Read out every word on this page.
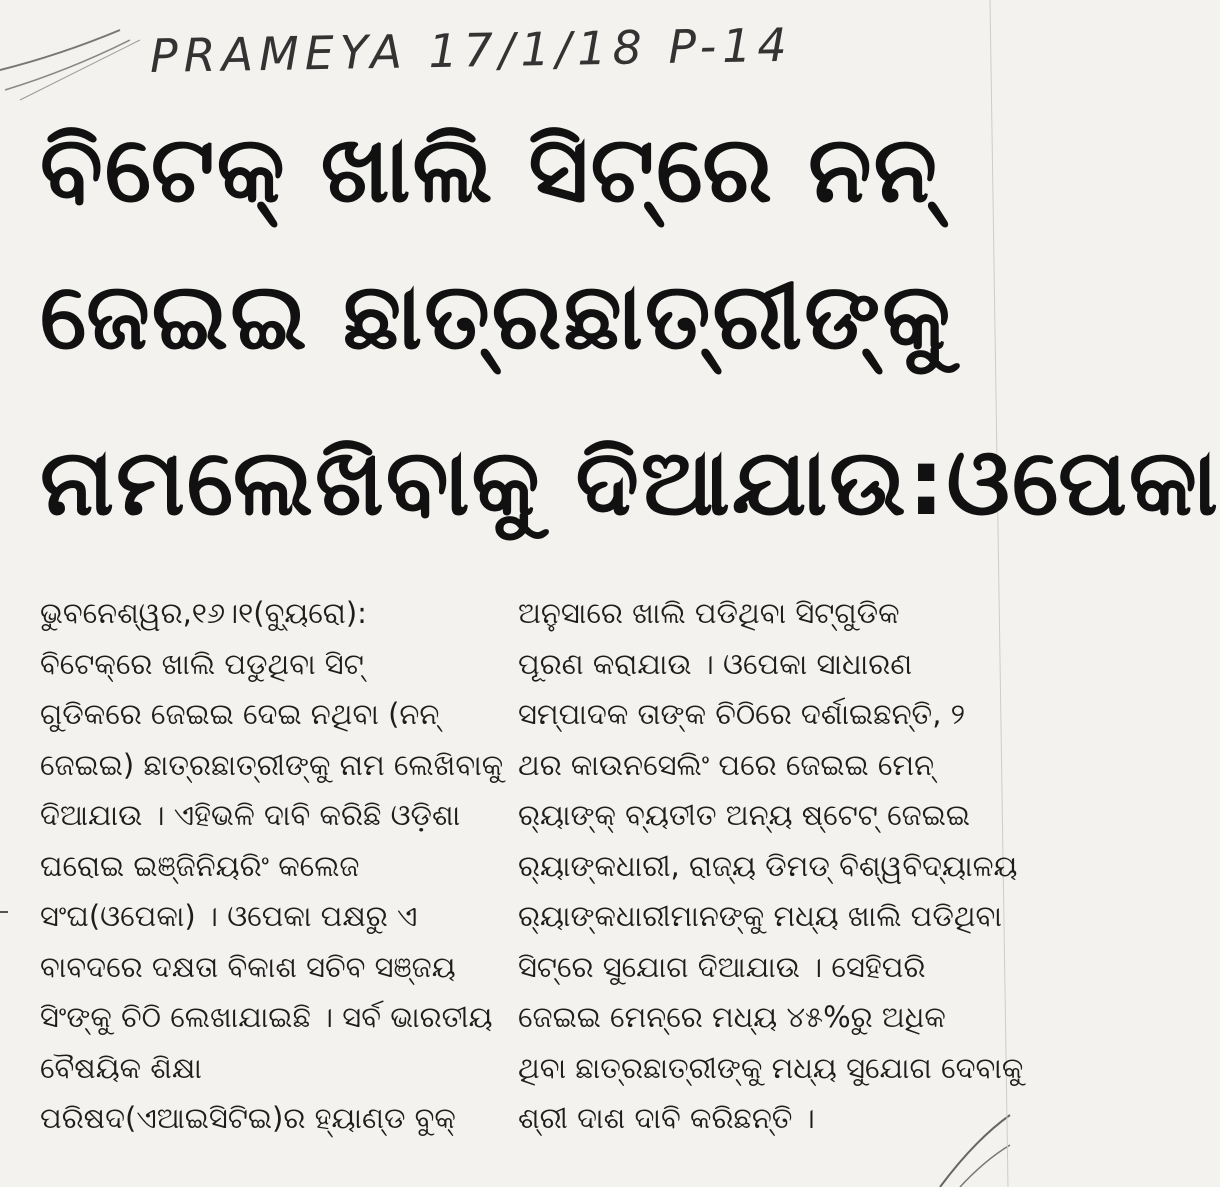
PRAMEYA 17/1/18 P-14
ବିଟେକ୍ ଖାଲି ସିଟ୍‌ରେ ନନ୍
ଜେଇଇ ଛାତ୍ରଛାତ୍ରୀଙ୍କୁ
ନାମଲେଖିବାକୁ ଦିଆଯାଉ:ଓପେକା
ଭୁବନେଶ୍ୱର,୧୬।୧(ବ୍ୟୁରୋ):
ବିଟେକ୍‌ରେ ଖାଲି ପଡୁଥିବା ସିଟ୍
ଗୁଡିକରେ ଜେଇଇ ଦେଇ ନଥିବା (ନନ୍
ଜେଇଇ) ଛାତ୍ରଛାତ୍ରୀଙ୍କୁ ନାମ ଲେଖିବାକୁ
ଦିଆଯାଉ । ଏହିଭଳି ଦାବି କରିଛି ଓଡ଼ିଶା
ଘରୋଇ ଇଞ୍ଜିନିୟରିଂ କଲେଜ
ସଂଘ(ଓପେକା) । ଓପେକା ପକ୍ଷରୁ ଏ
ବାବଦରେ ଦକ୍ଷତା ବିକାଶ ସଚିବ ସଞ୍ଜୟ
ସିଂଙ୍କୁ ଚିଠି ଲେଖାଯାଇଛି । ସର୍ବ ଭାରତୀୟ
ବୈଷୟିକ ଶିକ୍ଷା
ପରିଷଦ(ଏଆଇସିଟିଇ)ର ହ୍ୟାଣ୍ଡ ବୁକ୍
ଅନୁସାରେ ଖାଲି ପଡିଥିବା ସିଟ୍‌ଗୁଡିକ
ପୂରଣ କରାଯାଉ । ଓପେକା ସାଧାରଣ
ସମ୍ପାଦକ ତାଙ୍କ ଚିଠିରେ ଦର୍ଶାଇଛନ୍ତି, ୨
ଥର କାଉନସେଲିଂ ପରେ ଜେଇଇ ମେନ୍
ର୍‍ୟାଙ୍କ୍ ବ୍ୟତୀତ ଅନ୍ୟ ଷ୍ଟେଟ୍ ଜେଇଇ
ର୍‍ୟାଙ୍କଧାରୀ, ରାଜ୍ୟ ଡିମଡ୍ ବିଶ୍ୱବିଦ୍ୟାଳୟ
ର୍‍ୟାଙ୍କଧାରୀମାନଙ୍କୁ ମଧ୍ୟ ଖାଲି ପଡିଥିବା
ସିଟ୍‌ରେ ସୁଯୋଗ ଦିଆଯାଉ । ସେହିପରି
ଜେଇଇ ମେନ୍‌ରେ ମଧ୍ୟ ୪୫%ରୁ ଅଧିକ
ଥିବା ଛାତ୍ରଛାତ୍ରୀଙ୍କୁ ମଧ୍ୟ ସୁଯୋଗ ଦେବାକୁ
ଶ୍ରୀ ଦାଶ ଦାବି କରିଛନ୍ତି ।
